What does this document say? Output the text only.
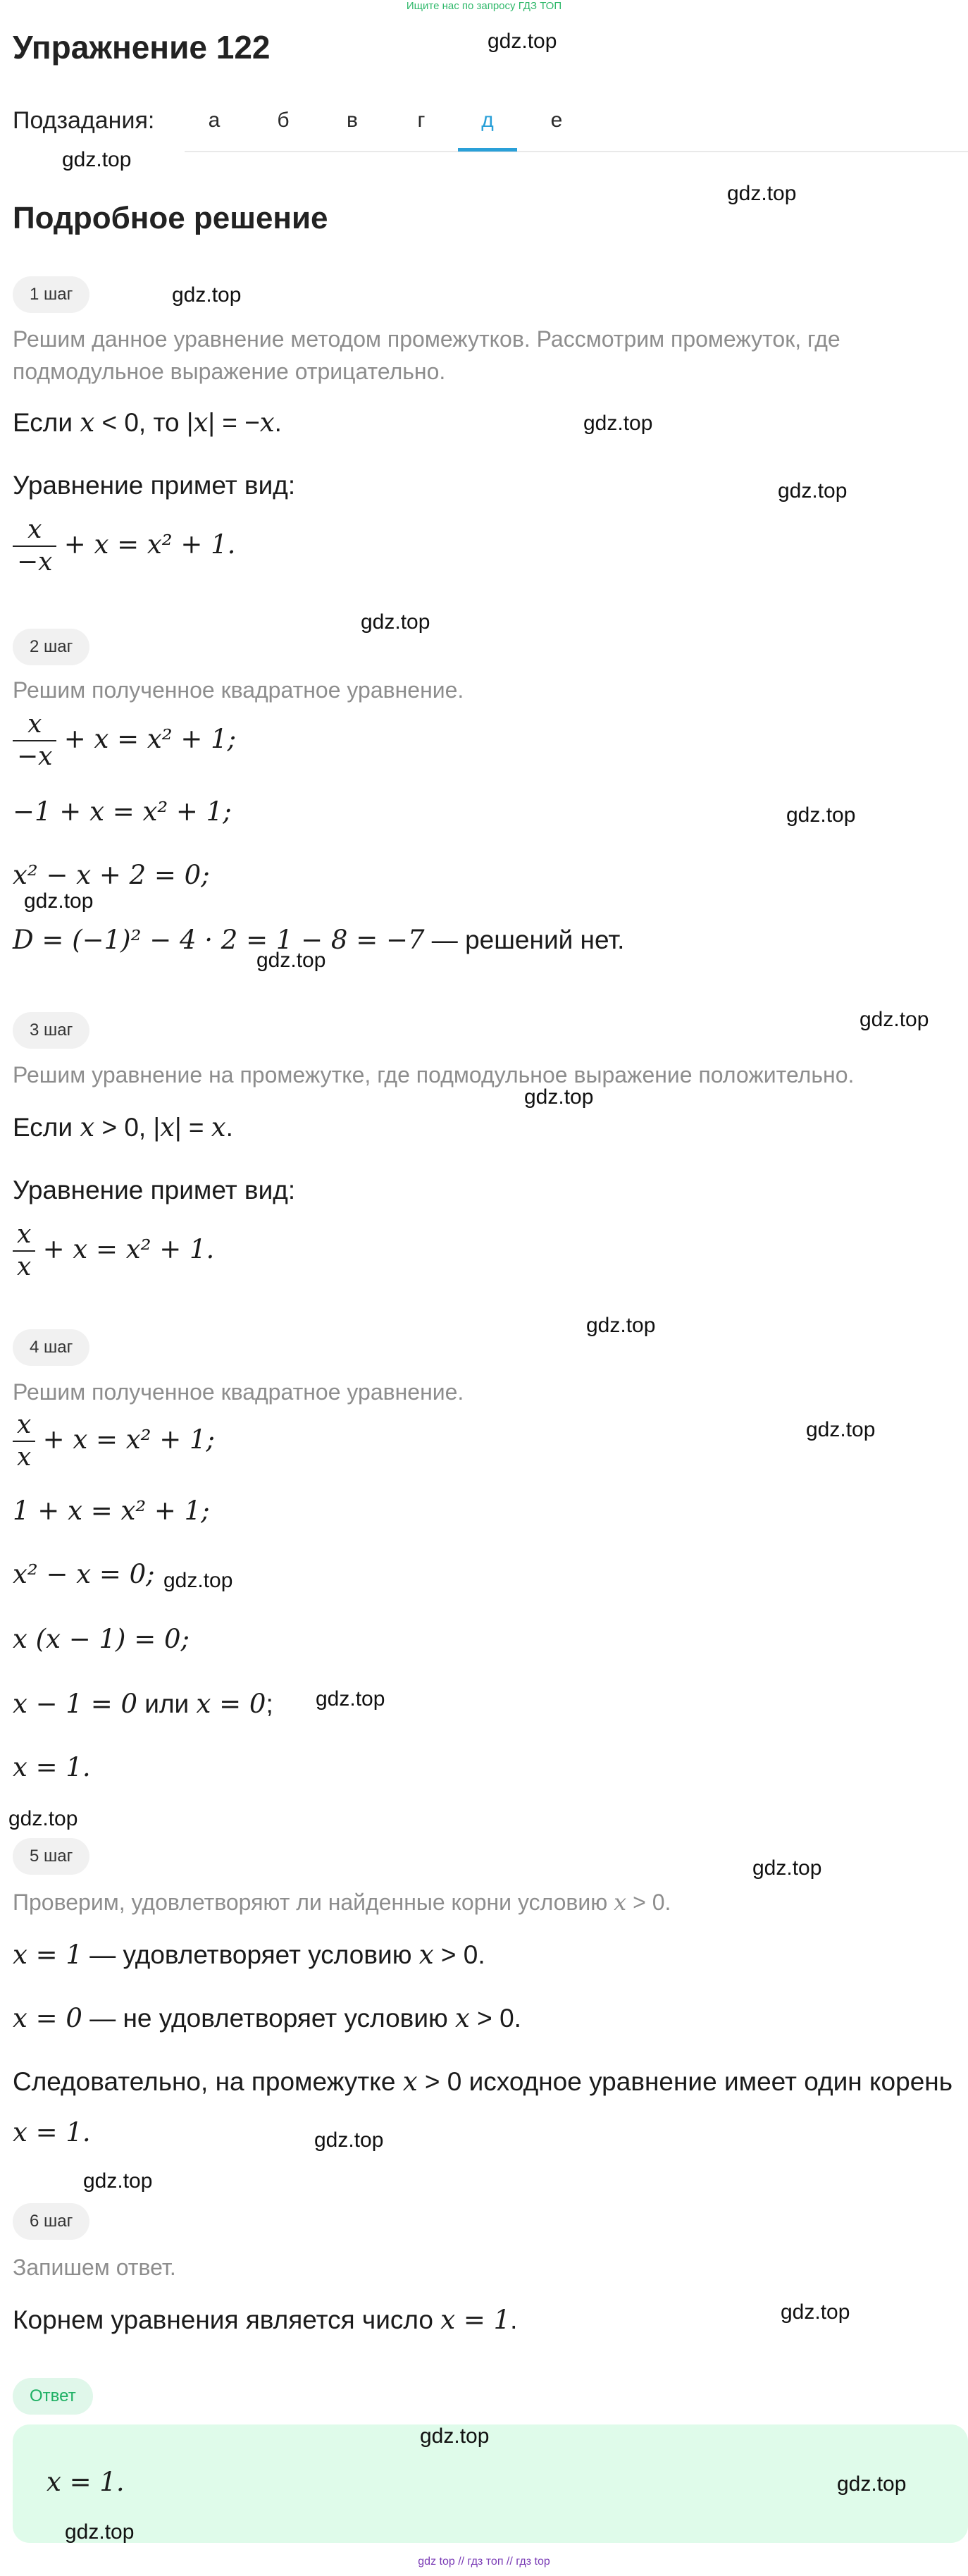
Ищите нас по запросу ГДЗ ТОП
Упражнение 122
Подзадания:	а	б	в	г	д	е
Подробное решение
1 шаг
Решим данное уравнение методом промежутков. Рассмотрим промежуток, где подмодульное выражение отрицательно.
Если x < 0, то |x| = −x.
Уравнение примет вид:
$\frac{x}{-x} + x = x^2 + 1$.
2 шаг
Решим полученное квадратное уравнение.
$\frac{x}{-x} + x = x^2 + 1$;
−1 + x = x² + 1;
x² − x + 2 = 0;
D = (−1)² − 4 · 2 = 1 − 8 = −7 — решений нет.
3 шаг
Решим уравнение на промежутке, где подмодульное выражение положительно.
Если x > 0, |x| = x.
Уравнение примет вид:
$\frac{x}{x} + x = x^2 + 1$.
4 шаг
Решим полученное квадратное уравнение.
$\frac{x}{x} + x = x^2 + 1$;
1 + x = x² + 1;
x² − x = 0;
x (x − 1) = 0;
x − 1 = 0 или x = 0;
x = 1.
5 шаг
Проверим, удовлетворяют ли найденные корни условию x > 0.
x = 1 — удовлетворяет условию x > 0.
x = 0 — не удовлетворяет условию x > 0.
Следовательно, на промежутке x > 0 исходное уравнение имеет один корень
x = 1.
6 шаг
Запишем ответ.
Корнем уравнения является число x = 1.
Ответ
x = 1.
gdz.top
gdz.top
gdz.top
gdz.top
gdz.top
gdz.top
gdz.top
gdz.top
gdz.top
gdz.top
gdz.top
gdz.top
gdz.top
gdz.top
gdz.top
gdz.top
gdz.top
gdz.top
gdz.top
gdz.top
gdz.top
gdz.top
gdz.top
gdz.top
gdz top // гдз топ // гдз top
